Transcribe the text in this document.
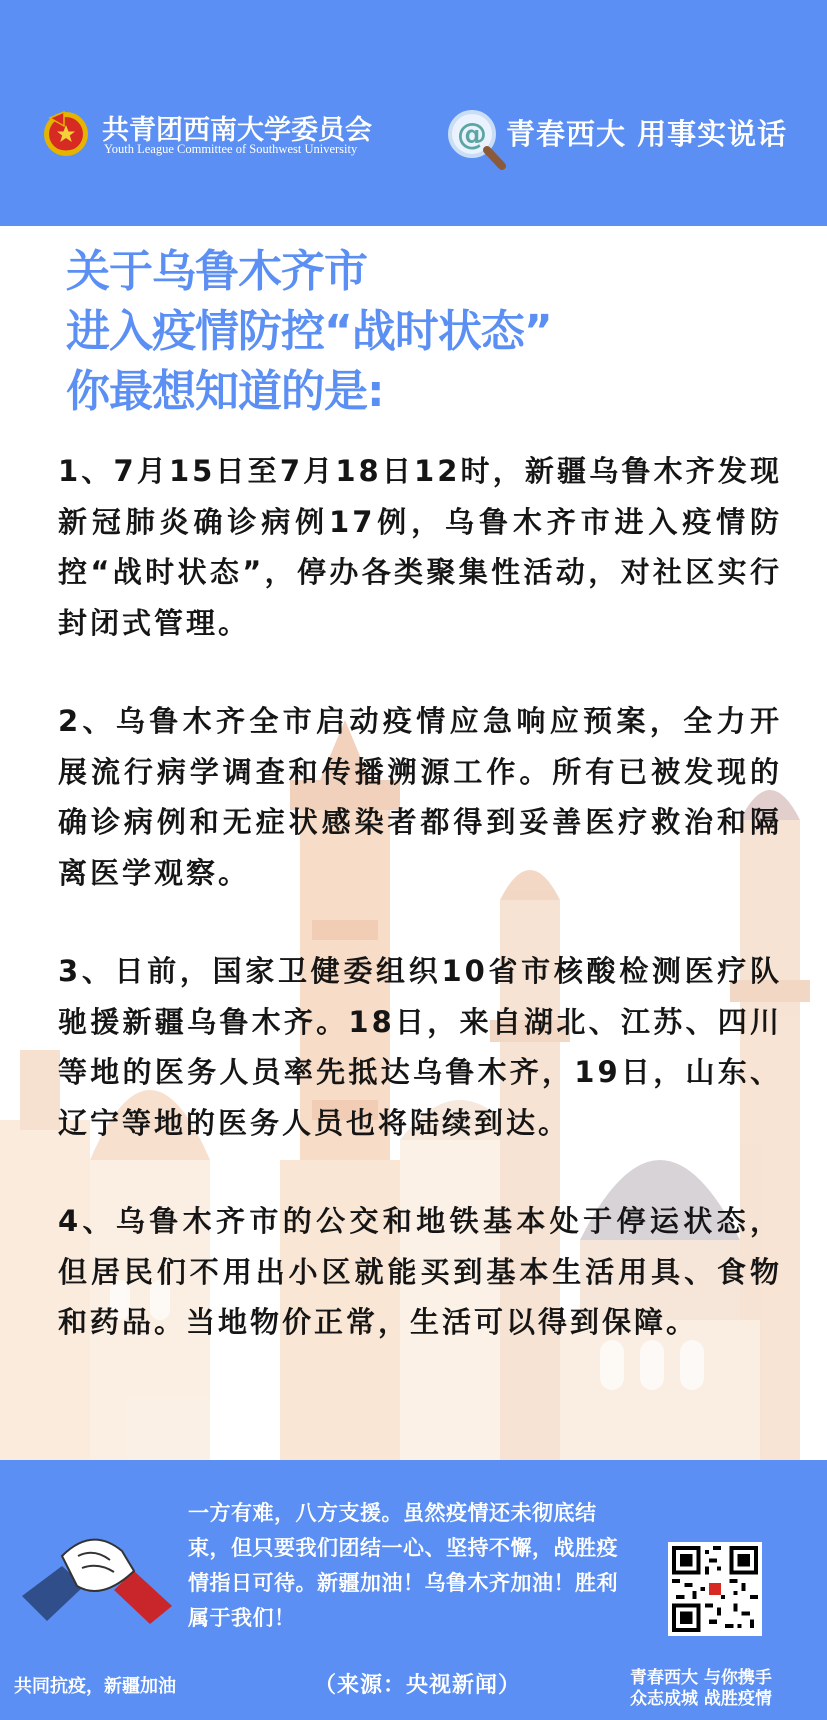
共青团西南大学委员会
Youth League Committee of Southwest University	@ 青春西大 用事实说话
关于乌鲁木齐市
进入疫情防控“战时状态”
你最想知道的是:

1、7月15日至7月18日12时，新疆乌鲁木齐发现新冠肺炎确诊病例17例，乌鲁木齐市进入疫情防控“战时状态”，停办各类聚集性活动，对社区实行封闭式管理。

2、乌鲁木齐全市启动疫情应急响应预案，全力开展流行病学调查和传播溯源工作。所有已被发现的确诊病例和无症状感染者都得到妥善医疗救治和隔离医学观察。

3、日前，国家卫健委组织10省市核酸检测医疗队驰援新疆乌鲁木齐。18日，来自湖北、江苏、四川等地的医务人员率先抵达乌鲁木齐，19日，山东、辽宁等地的医务人员也将陆续到达。

4、乌鲁木齐市的公交和地铁基本处于停运状态，但居民们不用出小区就能买到基本生活用具、食物和药品。当地物价正常，生活可以得到保障。

一方有难，八方支援。虽然疫情还未彻底结束，但只要我们团结一心、坚持不懈，战胜疫情指日可待。新疆加油！乌鲁木齐加油！胜利属于我们！
共同抗疫，新疆加油	（来源：央视新闻）	青春西大 与你携手
众志成城 战胜疫情
